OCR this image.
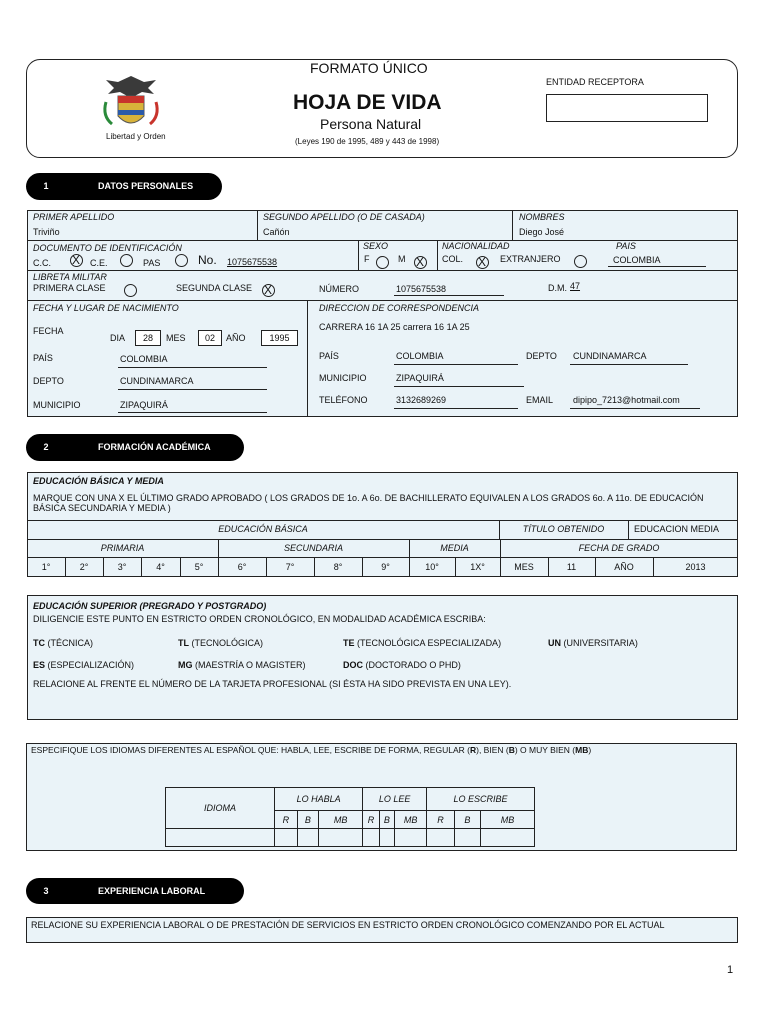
Libertad y Orden
FORMATO ÚNICO
HOJA DE VIDA
Persona Natural
(Leyes 190 de 1995, 489 y 443 de 1998)
ENTIDAD RECEPTORA
1	DATOS PERSONALES
PRIMER APELLIDO
Triviño
SEGUNDO APELLIDO (O DE CASADA)
Cañón
NOMBRES
Diego José
DOCUMENTO DE IDENTIFICACIÓN
C.C. X	C.E.	PAS	No. 1075675538
SEXO
F	M
X
NACIONALIDAD	PAIS
COL. X	EXTRANJERO	COLOMBIA
LIBRETA MILITAR
PRIMERA CLASE	SEGUNDA CLASE X	NÚMERO	1075675538	D.M. 47
FECHA Y LUGAR DE NACIMIENTO
FECHA
DIA	28	MES	02	AÑO	1995
PAÍS	COLOMBIA
DEPTO	CUNDINAMARCA
MUNICIPIO	ZIPAQUIRÁ
DIRECCION DE CORRESPONDENCIA
CARRERA 16 1A 25 carrera 16 1A 25
PAÍS	COLOMBIA	DEPTO CUNDINAMARCA
MUNICIPIO	ZIPAQUIRÁ
TELÉFONO	3132689269	EMAIL dipipo_7213@hotmail.com
2	FORMACIÓN ACADÉMICA
EDUCACIÓN BÁSICA Y MEDIA
MARQUE CON UNA X EL ÚLTIMO GRADO APROBADO ( LOS GRADOS DE 1o. A 6o. DE BACHILLERATO EQUIVALEN A LOS GRADOS 6o. A 11o. DE EDUCACIÓN BÁSICA SECUNDARIA Y MEDIA )
EDUCACIÓN BÁSICA	TÍTULO OBTENIDO	EDUCACION MEDIA
PRIMARIA	SECUNDARIA	MEDIA	FECHA DE GRADO
1°	2°	3°	4°	5°	6°	7°	8°	9°	10°	1X°	MES	11	AÑO	2013
EDUCACIÓN SUPERIOR (PREGRADO Y POSTGRADO)
DILIGENCIE ESTE PUNTO EN ESTRICTO ORDEN CRONOLÓGICO, EN MODALIDAD ACADÉMICA ESCRIBA:
TC (TÉCNICA)	TL (TECNOLÓGICA)	TE (TECNOLÓGICA ESPECIALIZADA)	UN (UNIVERSITARIA)
ES (ESPECIALIZACIÓN)	MG (MAESTRÍA O MAGISTER)	DOC (DOCTORADO O PHD)
RELACIONE AL FRENTE EL NÚMERO DE LA TARJETA PROFESIONAL (SI ÉSTA HA SIDO PREVISTA EN UNA LEY).
ESPECIFIQUE LOS IDIOMAS DIFERENTES AL ESPAÑOL QUE: HABLA, LEE, ESCRIBE DE FORMA, REGULAR (R), BIEN (B) O MUY BIEN (MB)
IDIOMA	LO HABLA			LO LEE			LO ESCRIBE		
	R	B	MB	R	B	MB	R	B	MB

3	EXPERIENCIA LABORAL
RELACIONE SU EXPERIENCIA LABORAL O DE PRESTACIÓN DE SERVICIOS EN ESTRICTO ORDEN CRONOLÓGICO COMENZANDO POR EL ACTUAL
1
